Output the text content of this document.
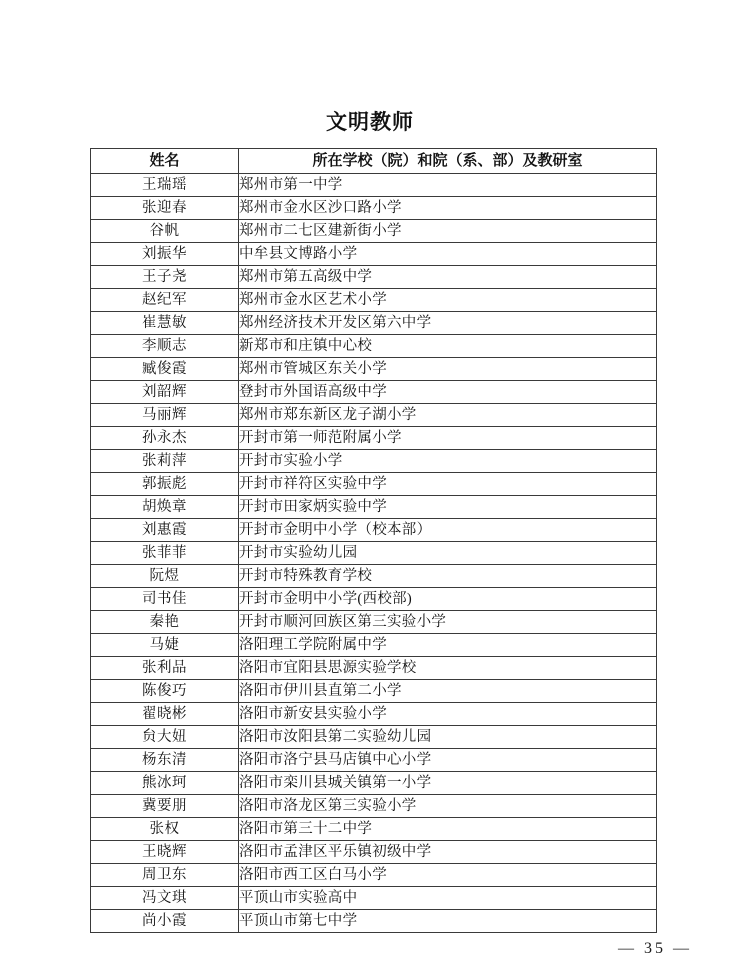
文明教师
姓名	所在学校（院）和院（系、部）及教研室
王瑞瑶	郑州市第一中学
张迎春	郑州市金水区沙口路小学
谷帆	郑州市二七区建新街小学
刘振华	中牟县文博路小学
王子尧	郑州市第五高级中学
赵纪军	郑州市金水区艺术小学
崔慧敏	郑州经济技术开发区第六中学
李顺志	新郑市和庄镇中心校
臧俊霞	郑州市管城区东关小学
刘韶辉	登封市外国语高级中学
马丽辉	郑州市郑东新区龙子湖小学
孙永杰	开封市第一师范附属小学
张莉萍	开封市实验小学
郭振彪	开封市祥符区实验中学
胡焕章	开封市田家炳实验中学
刘惠霞	开封市金明中小学（校本部）
张菲菲	开封市实验幼儿园
阮煜	开封市特殊教育学校
司书佳	开封市金明中小学(西校部)
秦艳	开封市顺河回族区第三实验小学
马婕	洛阳理工学院附属中学
张利品	洛阳市宜阳县思源实验学校
陈俊巧	洛阳市伊川县直第二小学
翟晓彬	洛阳市新安县实验小学
贠大妞	洛阳市汝阳县第二实验幼儿园
杨东清	洛阳市洛宁县马店镇中心小学
熊冰珂	洛阳市栾川县城关镇第一小学
冀要朋	洛阳市洛龙区第三实验小学
张权	洛阳市第三十二中学
王晓辉	洛阳市孟津区平乐镇初级中学
周卫东	洛阳市西工区白马小学
冯文琪	平顶山市实验高中
尚小霞	平顶山市第七中学
— 35 —
